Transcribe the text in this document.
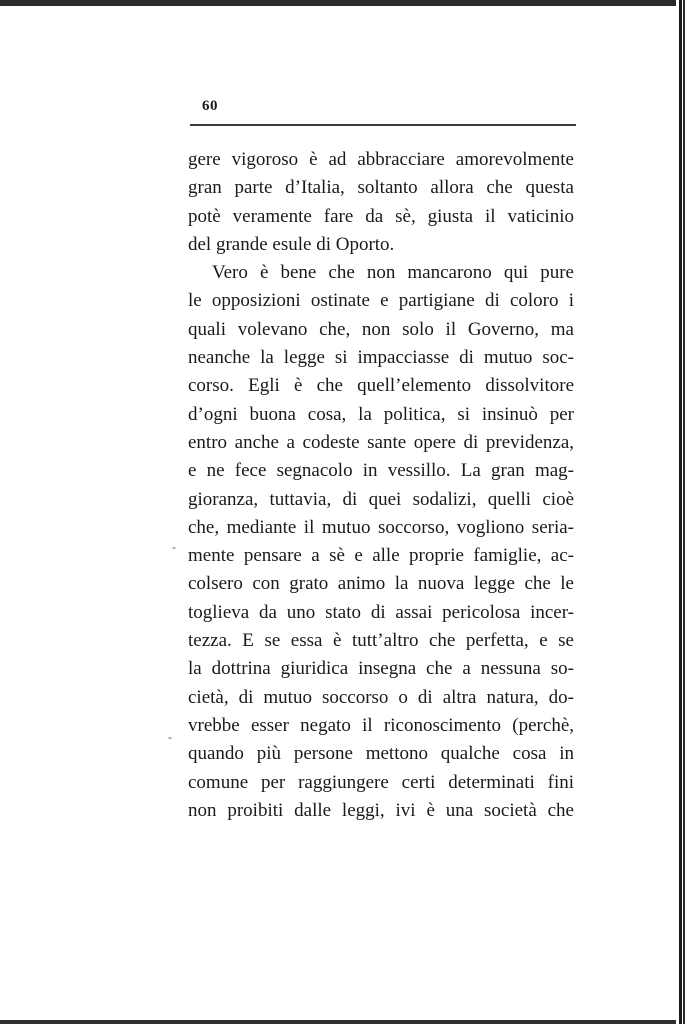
60
-
-
gere vigoroso è ad abbracciare amorevolmente
gran parte d’Italia, soltanto allora che questa
potè veramente fare da sè, giusta il vaticinio
del grande esule di Oporto.
Vero è bene che non mancarono qui pure
le opposizioni ostinate e partigiane di coloro i
quali volevano che, non solo il Governo, ma
neanche la legge si impacciasse di mutuo soc-
corso. Egli è che quell’elemento dissolvitore
d’ogni buona cosa, la politica, si insinuò per
entro anche a codeste sante opere di previdenza,
e ne fece segnacolo in vessillo. La gran mag-
gioranza, tuttavia, di quei sodalizi, quelli cioè
che, mediante il mutuo soccorso, vogliono seria-
mente pensare a sè e alle proprie famiglie, ac-
colsero con grato animo la nuova legge che le
toglieva da uno stato di assai pericolosa incer-
tezza. E se essa è tutt’altro che perfetta, e se
la dottrina giuridica insegna che a nessuna so-
cietà, di mutuo soccorso o di altra natura, do-
vrebbe esser negato il riconoscimento (perchè,
quando più persone mettono qualche cosa in
comune per raggiungere certi determinati fini
non proibiti dalle leggi, ivi è una società che
